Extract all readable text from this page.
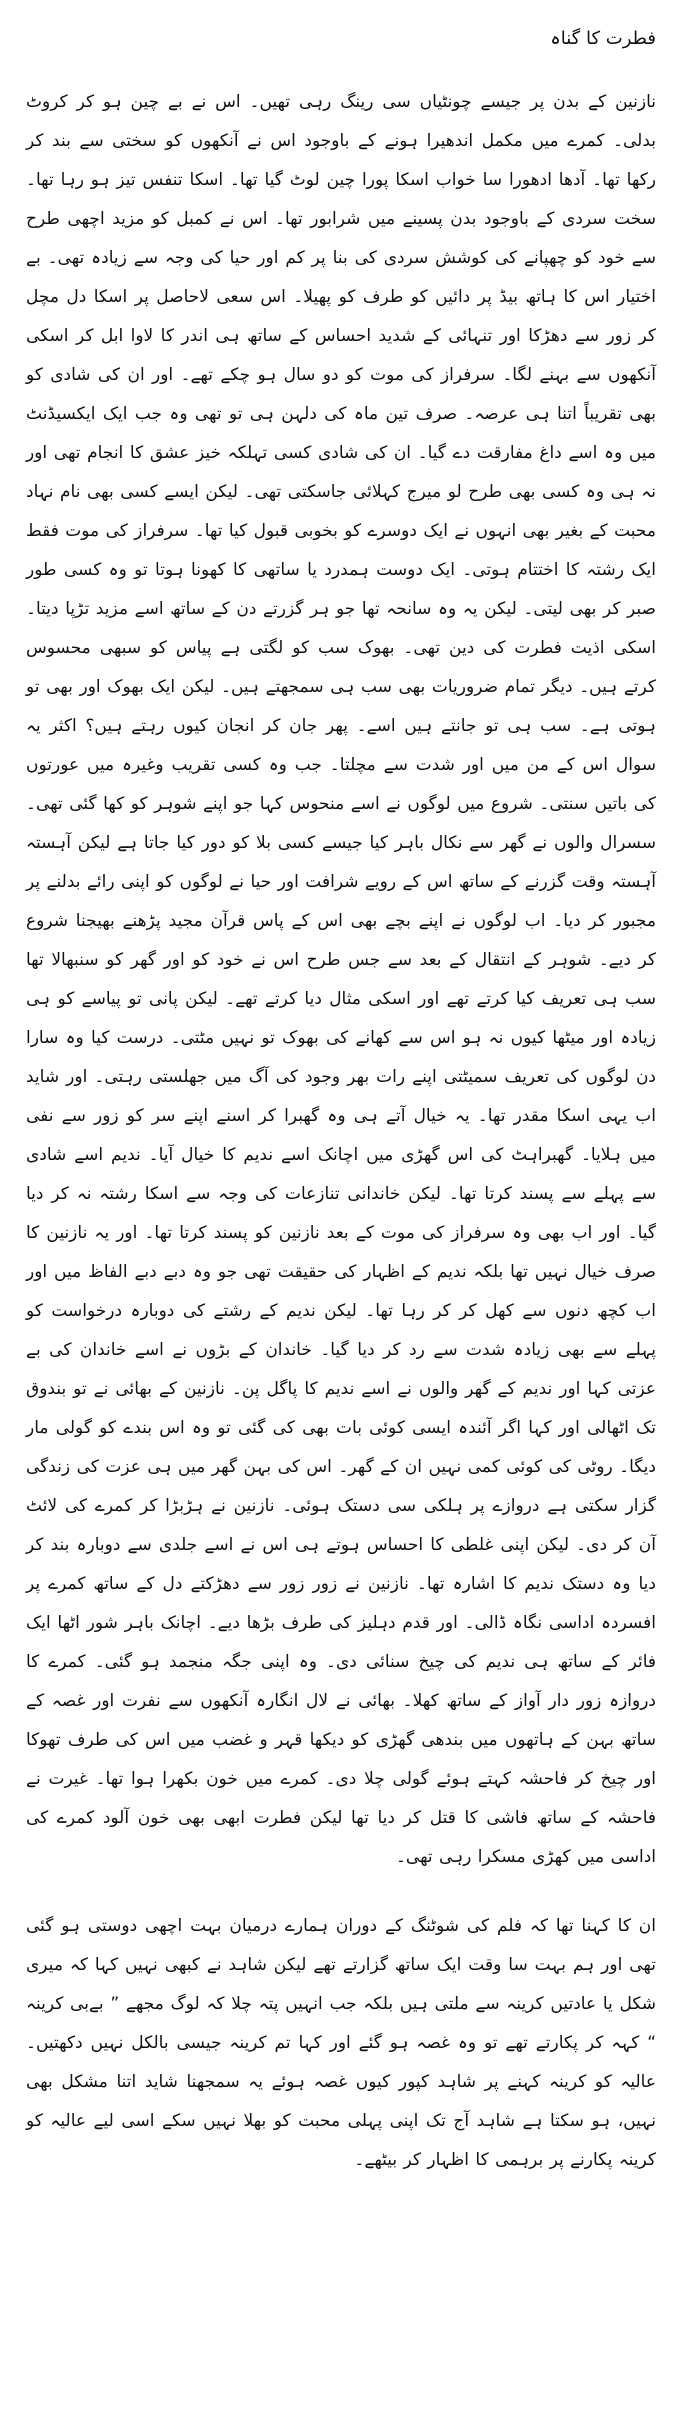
فطرت کا گناہ

نازنین کے بدن پر جیسے چونٹیاں سی رینگ رہی تھیں۔ اس نے بے چین ہو کر کروٹ بدلی۔ کمرے میں مکمل اندھیرا ہونے کے باوجود اس نے آنکھوں کو سختی سے بند کر رکھا تھا۔ آدھا ادھورا سا خواب اسکا پورا چین لوٹ گیا تھا۔ اسکا تنفس تیز ہو رہا تھا۔ سخت سردی کے باوجود بدن پسینے میں شرابور تھا۔ اس نے کمبل کو مزید اچھی طرح سے خود کو چھپانے کی کوشش سردی کی بنا پر کم اور حیا کی وجہ سے زیادہ تھی۔ بے اختیار اس کا ہاتھ بیڈ پر دائیں کو طرف کو پھیلا۔ اس سعی لاحاصل پر اسکا دل مچل کر زور سے دھڑکا اور تنہائی کے شدید احساس کے ساتھ ہی اندر کا لاوا ابل کر اسکی آنکھوں سے بہنے لگا۔ سرفراز کی موت کو دو سال ہو چکے تھے۔ اور ان کی شادی کو بھی تقریباً اتنا ہی عرصہ۔ صرف تین ماہ کی دلہن ہی تو تھی وہ جب ایک ایکسیڈنٹ میں وہ اسے داغ مفارقت دے گیا۔ ان کی شادی کسی تہلکہ خیز عشق کا انجام تھی اور نہ ہی وہ کسی بھی طرح لو میرج کہلائی جاسکتی تھی۔ لیکن ایسے کسی بھی نام نہاد محبت کے بغیر بھی انہوں نے ایک دوسرے کو بخوبی قبول کیا تھا۔ سرفراز کی موت فقط ایک رشتہ کا اختتام ہوتی۔ ایک دوست ہمدرد یا ساتھی کا کھونا ہوتا تو وہ کسی طور صبر کر بھی لیتی۔ لیکن یہ وہ سانحہ تھا جو ہر گزرتے دن کے ساتھ اسے مزید تڑپا دیتا۔ اسکی اذیت فطرت کی دین تھی۔ بھوک سب کو لگتی ہے پیاس کو سبھی محسوس کرتے ہیں۔ دیگر تمام ضروریات بھی سب ہی سمجھتے ہیں۔ لیکن ایک بھوک اور بھی تو ہوتی ہے۔ سب ہی تو جانتے ہیں اسے۔ پھر جان کر انجان کیوں رہتے ہیں؟ اکثر یہ سوال اس کے من میں اور شدت سے مچلتا۔ جب وہ کسی تقریب وغیرہ میں عورتوں کی باتیں سنتی۔ شروع میں لوگوں نے اسے منحوس کہا جو اپنے شوہر کو کھا گئی تھی۔ سسرال والوں نے گھر سے نکال باہر کیا جیسے کسی بلا کو دور کیا جاتا ہے لیکن آہستہ آہستہ وقت گزرنے کے ساتھ اس کے رویے شرافت اور حیا نے لوگوں کو اپنی رائے بدلنے پر مجبور کر دیا۔ اب لوگوں نے اپنے بچے بھی اس کے پاس قرآن مجید پڑھنے بھیجنا شروع کر دیے۔ شوہر کے انتقال کے بعد سے جس طرح اس نے خود کو اور گھر کو سنبھالا تھا سب ہی تعریف کیا کرتے تھے اور اسکی مثال دیا کرتے تھے۔ لیکن پانی تو پیاسے کو ہی زیادہ اور میٹھا کیوں نہ ہو اس سے کھانے کی بھوک تو نہیں مٹتی۔ درست کیا وہ سارا دن لوگوں کی تعریف سمیٹتی اپنے رات بھر وجود کی آگ میں جھلستی رہتی۔ اور شاید اب یہی اسکا مقدر تھا۔ یہ خیال آتے ہی وہ گھبرا کر اسنے اپنے سر کو زور سے نفی میں ہلایا۔ گھبراہٹ کی اس گھڑی میں اچانک اسے ندیم کا خیال آیا۔ ندیم اسے شادی سے پہلے سے پسند کرتا تھا۔ لیکن خاندانی تنازعات کی وجہ سے اسکا رشتہ نہ کر دیا گیا۔ اور اب بھی وہ سرفراز کی موت کے بعد نازنین کو پسند کرتا تھا۔ اور یہ نازنین کا صرف خیال نہیں تھا بلکہ ندیم کے اظہار کی حقیقت تھی جو وہ دبے دبے الفاظ میں اور اب کچھ دنوں سے کھل کر کر رہا تھا۔ لیکن ندیم کے رشتے کی دوبارہ درخواست کو پہلے سے بھی زیادہ شدت سے رد کر دیا گیا۔ خاندان کے بڑوں نے اسے خاندان کی بے عزتی کہا اور ندیم کے گھر والوں نے اسے ندیم کا پاگل پن۔ نازنین کے بھائی نے تو بندوق تک اٹھالی اور کہا اگر آئندہ ایسی کوئی بات بھی کی گئی تو وہ اس بندے کو گولی مار دیگا۔ روٹی کی کوئی کمی نہیں ان کے گھر۔ اس کی بہن گھر میں ہی عزت کی زندگی گزار سکتی ہے دروازے پر ہلکی سی دستک ہوئی۔ نازنین نے ہڑبڑا کر کمرے کی لائٹ آن کر دی۔ لیکن اپنی غلطی کا احساس ہوتے ہی اس نے اسے جلدی سے دوبارہ بند کر دیا وہ دستک ندیم کا اشارہ تھا۔ نازنین نے زور زور سے دھڑکتے دل کے ساتھ کمرے پر افسردہ اداسی نگاہ ڈالی۔ اور قدم دہلیز کی طرف بڑھا دیے۔ اچانک باہر شور اٹھا ایک فائر کے ساتھ ہی ندیم کی چیخ سنائی دی۔ وہ اپنی جگہ منجمد ہو گئی۔ کمرے کا دروازہ زور دار آواز کے ساتھ کھلا۔ بھائی نے لال انگارہ آنکھوں سے نفرت اور غصہ کے ساتھ بہن کے ہاتھوں میں بندھی گھڑی کو دیکھا قہر و غضب میں اس کی طرف تھوکا اور چیخ کر فاحشہ کہتے ہوئے گولی چلا دی۔ کمرے میں خون بکھرا ہوا تھا۔ غیرت نے فاحشہ کے ساتھ فاشی کا قتل کر دیا تھا لیکن فطرت ابھی بھی خون آلود کمرے کی اداسی میں کھڑی مسکرا رہی تھی۔

ان کا کہنا تھا کہ فلم کی شوٹنگ کے دوران ہمارے درمیان بہت اچھی دوستی ہو گئی تھی اور ہم بہت سا وقت ایک ساتھ گزارتے تھے لیکن شاہد نے کبھی نہیں کہا کہ میری شکل یا عادتیں کرینہ سے ملتی ہیں بلکہ جب انہیں پتہ چلا کہ لوگ مجھے ” بےبی کرینہ “ کہہ کر پکارتے تھے تو وہ غصہ ہو گئے اور کہا تم کرینہ جیسی بالکل نہیں دکھتیں۔ عالیہ کو کرینہ کہنے پر شاہد کپور کیوں غصہ ہوئے یہ سمجھنا شاید اتنا مشکل بھی نہیں، ہو سکتا ہے شاہد آج تک اپنی پہلی محبت کو بھلا نہیں سکے اسی لیے عالیہ کو کرینہ پکارنے پر برہمی کا اظہار کر بیٹھے۔
